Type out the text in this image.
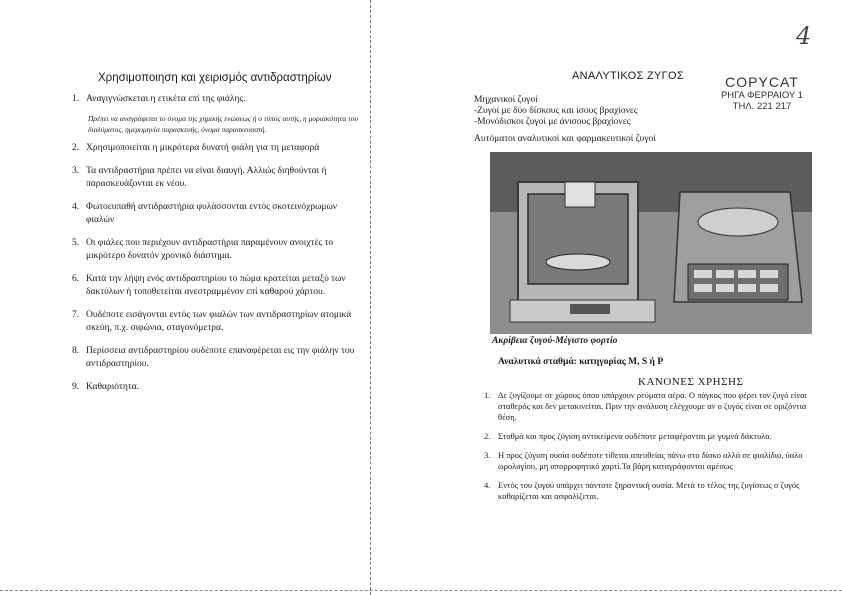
Χρησιμοποιηση και χειρισμός αντιδραστηρίων
1. Αναγιγνώσκεται η ετικέτα επί της φιάλης.
2. Χρησιμοποιείται η μικρότερα δυνατή φιάλη για τη μεταφορά
3. Τα αντιδραστήρια πρέπει να είναι διαυγή. Αλλιώς διηθούνται ή παρασκευάζονται εκ νέου.
4. Φωτοευπαθή αντιδραστήρια φυλάσσονται εντός σκοτεινόχρωμων φιαλών
5. Οι φιάλες που περιέχουν αντιδραστήρια παραμένουν ανοιχτές το μικρότερο δυνατόν χρονικό διάστημα.
6. Κατά την λήψη ενός αντιδραστηρίου το πώμα κρατείται μεταξύ των δακτύλων ή τοποθετείται ανεστραμμένον επί καθαρού χάρτου.
7. Ουδέποτε εισάγονται εντός των φιαλών των αντιδραστηρίων ατομικά σκεύη, π.χ. σιφώνια, σταγονόμετρα.
8. Περίσσεια αντιδραστηρίου ουδέποτε επαναφέρεται εις την φιάλην του αντιδραστηρίου.
9. Καθαριότητα.
Πρέπει να αναγράφεται το όνομα της χημικής ενώσεως ή ο τύπος αυτής, η μοριακότητα του διαλύματος, ημερομηνία παρασκευής, όνομα παρασκευαστή.
ΑΝΑΛΥΤΙΚΟΣ ΖΥΓΟΣ
Μηχανικοί ζυγοί
-Ζυγοί με δύο δίσκους και ίσους βραχίονες
-Μονόδισκοι ζυγοί με άνισους βραχίονες
Αυτόματοι αναλυτικοί και φαρμακευτικοί ζυγοί
COPYCAT
ΡΗΓΑ ΦΕΡΡΑΙΟΥ 1
ΤΗΛ. 221 217
4
Ακρίβεια ζυγού-Μέγιστο φορτίο
Αναλυτικά σταθμά: κατηγορίας Μ, S ή P
ΚΑΝΟΝΕΣ ΧΡΗΣΗΣ
1. Δε ζυγίζουμε σε χώρους όπου υπάρχουν ρεύματα αέρα. Ο πάγκος που φέρει τον ζυγό είναι σταθερός και δεν μετακινείται. Πριν την ανάλυση ελέγχουμε αν ο ζυγός είναι σε οριζόντια θέση.
2. Σταθμά και προς ζύγιση αντικείμενα ουδέποτε μεταφέρονται με γυμνά δάκτυλα.
3. Η προς ζύγιση ουσία ουδέποτε τίθεται απευθείας πάνω στο δίσκο αλλά σε φιαλίδιο, ύαλο ωρολογίου, μη απορροφητικό χαρτί.Τα βάρη καταγράφονται αμέσως
4. Εντός του ζυγού υπάρχει πάντοτε ξηραντική ουσία. Μετά το τέλος της ζυγίσεως ο ζυγός καθαρίζεται και ασφαλίζεται.
